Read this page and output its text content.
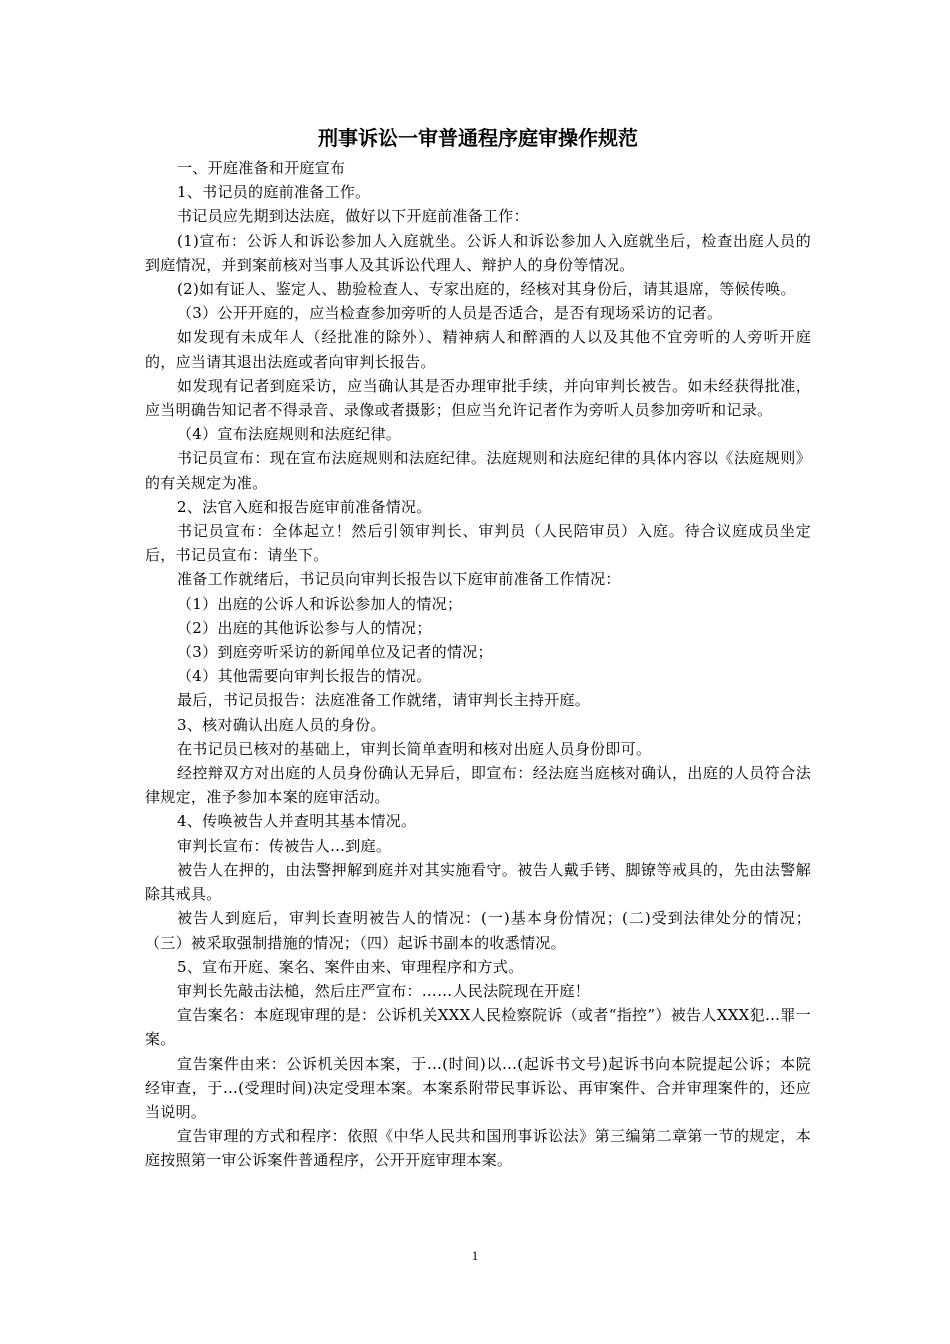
刑事诉讼一审普通程序庭审操作规范

一、开庭准备和开庭宣布

1、书记员的庭前准备工作。

书记员应先期到达法庭，做好以下开庭前准备工作：

(1)宣布：公诉人和诉讼参加人入庭就坐。公诉人和诉讼参加人入庭就坐后，检查出庭人员的到庭情况，并到案前核对当事人及其诉讼代理人、辩护人的身份等情况。

(2)如有证人、鉴定人、勘验检查人、专家出庭的，经核对其身份后，请其退席，等候传唤。

（3）公开开庭的，应当检查参加旁听的人员是否适合，是否有现场采访的记者。

如发现有未成年人（经批准的除外）、精神病人和醉酒的人以及其他不宜旁听的人旁听开庭的，应当请其退出法庭或者向审判长报告。

如发现有记者到庭采访，应当确认其是否办理审批手续，并向审判长被告。如未经获得批准，应当明确告知记者不得录音、录像或者摄影；但应当允许记者作为旁听人员参加旁听和记录。

（4）宣布法庭规则和法庭纪律。

书记员宣布：现在宣布法庭规则和法庭纪律。法庭规则和法庭纪律的具体内容以《法庭规则》的有关规定为准。

2、法官入庭和报告庭审前准备情况。

书记员宣布：全体起立！然后引领审判长、审判员（人民陪审员）入庭。待合议庭成员坐定后，书记员宣布：请坐下。

准备工作就绪后，书记员向审判长报告以下庭审前准备工作情况：

（1）出庭的公诉人和诉讼参加人的情况；

（2）出庭的其他诉讼参与人的情况；

（3）到庭旁听采访的新闻单位及记者的情况；

（4）其他需要向审判长报告的情况。

最后，书记员报告：法庭准备工作就绪，请审判长主持开庭。

3、核对确认出庭人员的身份。

在书记员已核对的基础上，审判长简单查明和核对出庭人员身份即可。

经控辩双方对出庭的人员身份确认无异后，即宣布：经法庭当庭核对确认，出庭的人员符合法律规定，准予参加本案的庭审活动。

4、传唤被告人并查明其基本情况。

审判长宣布：传被告人…到庭。

被告人在押的，由法警押解到庭并对其实施看守。被告人戴手铐、脚镣等戒具的，先由法警解除其戒具。

被告人到庭后，审判长查明被告人的情况：(一)基本身份情况；(二)受到法律处分的情况；（三）被采取强制措施的情况；（四）起诉书副本的收悉情况。

5、宣布开庭、案名、案件由来、审理程序和方式。

审判长先敲击法槌，然后庄严宣布：……人民法院现在开庭！

宣告案名：本庭现审理的是：公诉机关XXX人民检察院诉（或者“指控”）被告人XXX犯…罪一案。

宣告案件由来：公诉机关因本案，于…(时间)以…(起诉书文号)起诉书向本院提起公诉；本院经审查，于…(受理时间)决定受理本案。本案系附带民事诉讼、再审案件、合并审理案件的，还应当说明。

宣告审理的方式和程序：依照《中华人民共和国刑事诉讼法》第三编第二章第一节的规定，本庭按照第一审公诉案件普通程序，公开开庭审理本案。

1
